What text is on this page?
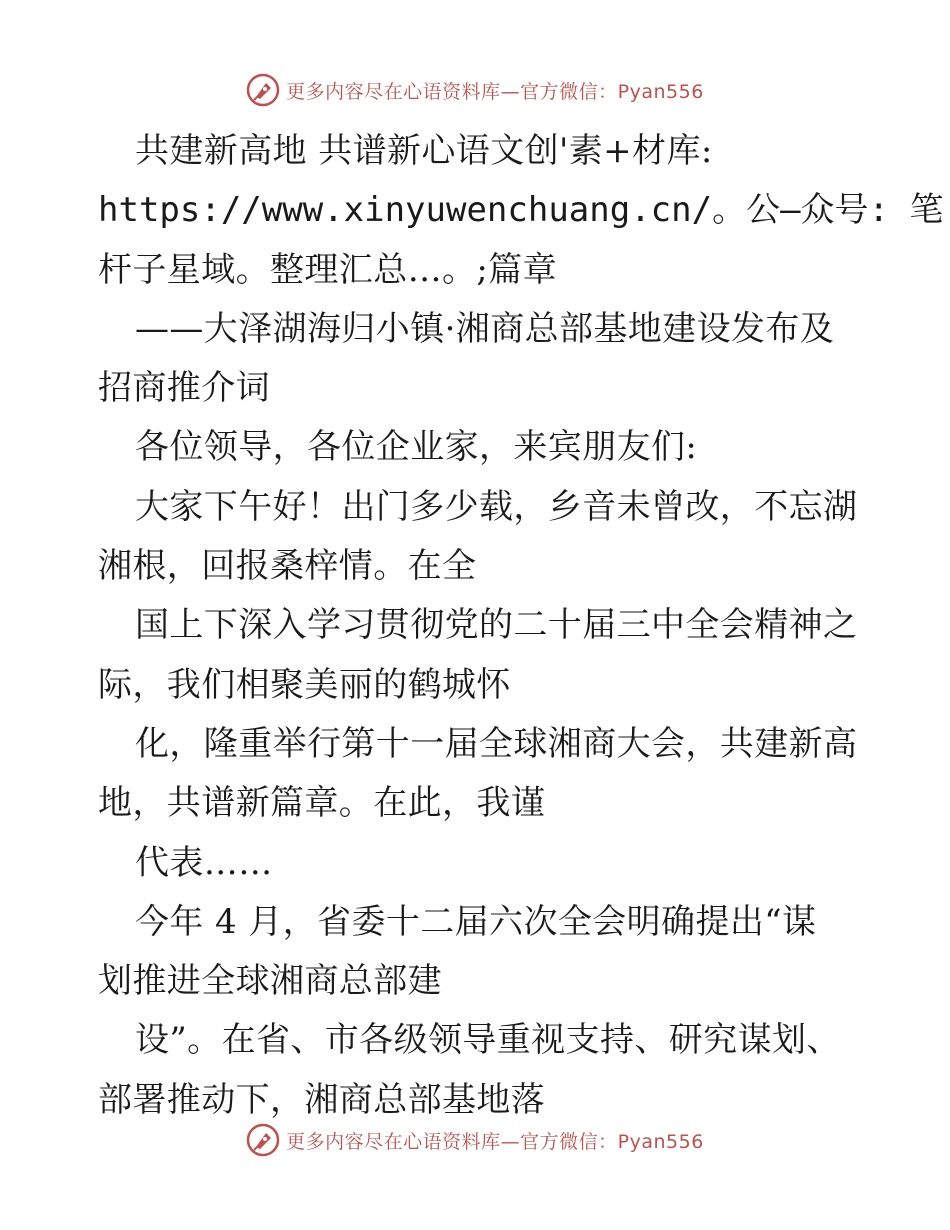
更多内容尽在心语资料库—官方微信：Pyan556
共建新高地 共谱新心语文创'素+材库:
https://www.xinyuwenchuang.cn/。公—众号: 笔
杆子星域。整理汇总…。;篇章
——大泽湖海归小镇·湘商总部基地建设发布及
招商推介词
各位领导，各位企业家，来宾朋友们:
大家下午好！出门多少载，乡音未曾改，不忘湖
湘根，回报桑梓情。在全
国上下深入学习贯彻党的二十届三中全会精神之
际，我们相聚美丽的鹤城怀
化，隆重举行第十一届全球湘商大会，共建新高
地，共谱新篇章。在此，我谨
代表……
今年 4 月，省委十二届六次全会明确提出“谋
划推进全球湘商总部建
设”。在省、市各级领导重视支持、研究谋划、
部署推动下，湘商总部基地落
更多内容尽在心语资料库—官方微信：Pyan556
